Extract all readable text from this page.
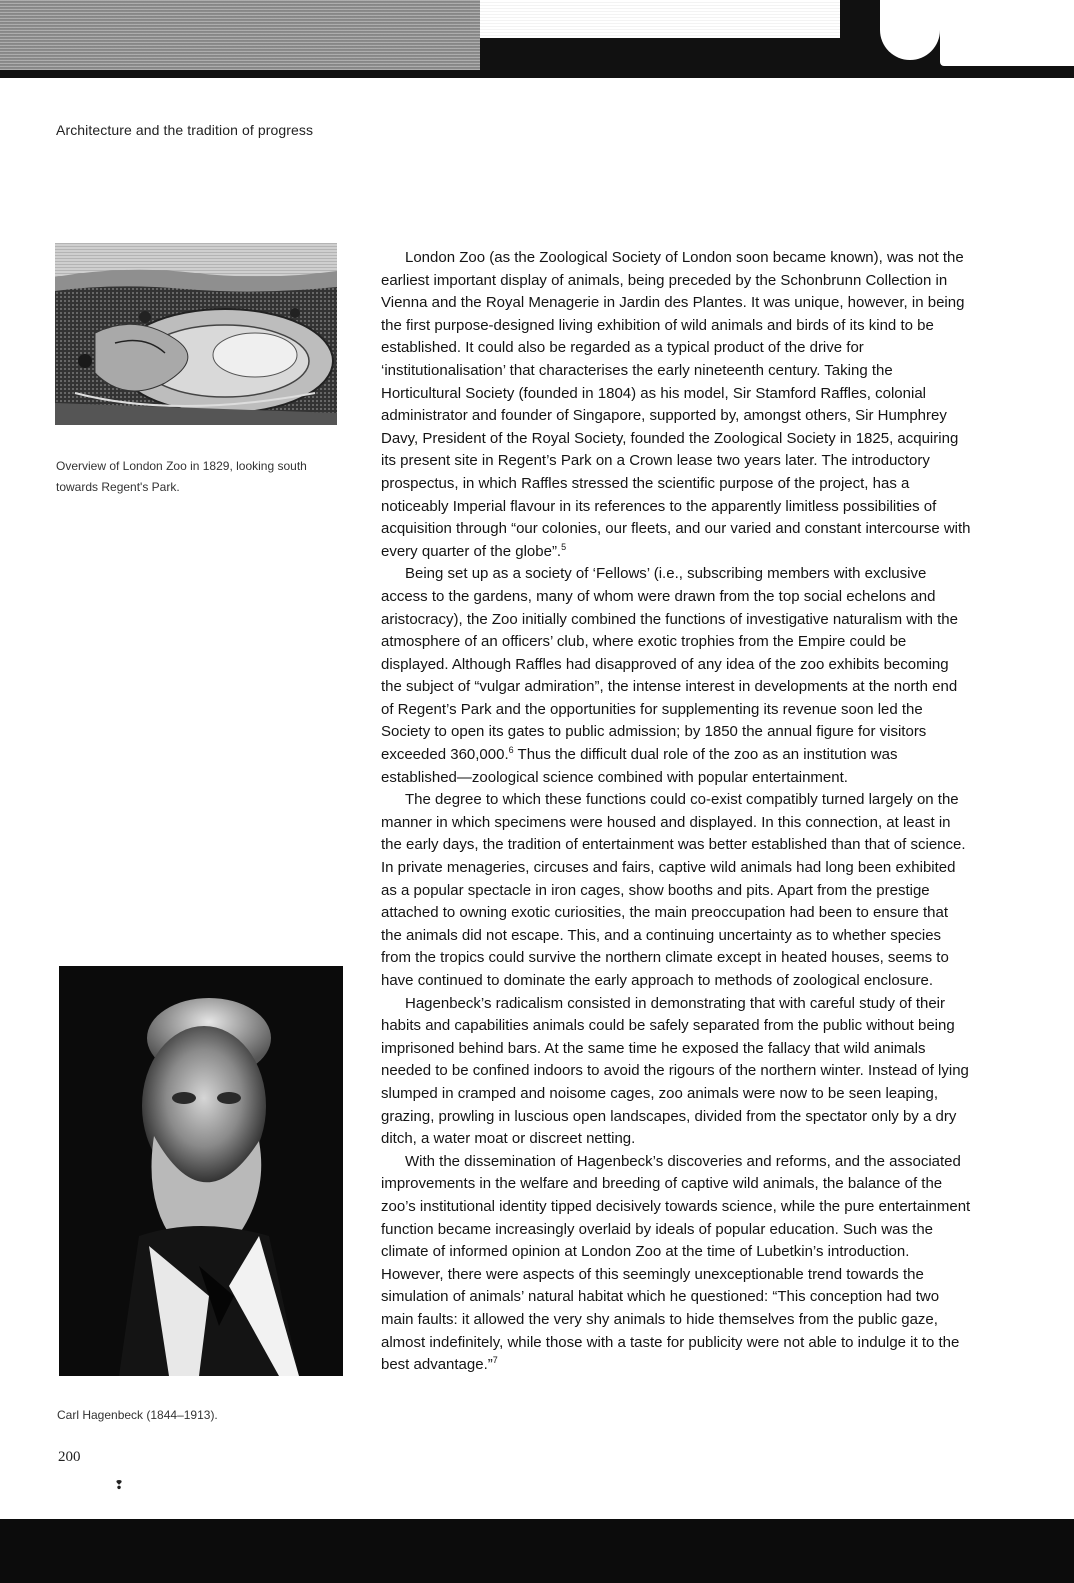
Architecture and the tradition of progress
Overview of London Zoo in 1829, looking south towards Regent's Park.
Carl Hagenbeck (1844–1913).

London Zoo (as the Zoological Society of London soon became known), was not the earliest important display of animals, being preceded by the Schonbrunn Collection in Vienna and the Royal Menagerie in Jardin des Plantes. It was unique, however, in being the first purpose-designed living exhibition of wild animals and birds of its kind to be established. It could also be regarded as a typical product of the drive for ‘institutionalisation’ that characterises the early nineteenth century. Taking the Horticultural Society (founded in 1804) as his model, Sir Stamford Raffles, colonial administrator and founder of Singapore, supported by, amongst others, Sir Humphrey Davy, President of the Royal Society, founded the Zoological Society in 1825, acquiring its present site in Regent’s Park on a Crown lease two years later. The introductory prospectus, in which Raffles stressed the scientific purpose of the project, has a noticeably Imperial flavour in its references to the apparently limitless possibilities of acquisition through “our colonies, our fleets, and our varied and constant intercourse with every quarter of the globe”.$^5$

Being set up as a society of ‘Fellows’ (i.e., subscribing members with exclusive access to the gardens, many of whom were drawn from the top social echelons and aristocracy), the Zoo initially combined the functions of investigative naturalism with the atmosphere of an officers’ club, where exotic trophies from the Empire could be displayed. Although Raffles had disapproved of any idea of the zoo exhibits becoming the subject of “vulgar admiration”, the intense interest in developments at the north end of Regent’s Park and the opportunities for supplementing its revenue soon led the Society to open its gates to public admission; by 1850 the annual figure for visitors exceeded 360,000.$^6$ Thus the difficult dual role of the zoo as an institution was established—zoological science combined with popular entertainment.

The degree to which these functions could co-exist compatibly turned largely on the manner in which specimens were housed and displayed. In this connection, at least in the early days, the tradition of entertainment was better established than that of science. In private menageries, circuses and fairs, captive wild animals had long been exhibited as a popular spectacle in iron cages, show booths and pits. Apart from the prestige attached to owning exotic curiosities, the main preoccupation had been to ensure that the animals did not escape. This, and a continuing uncertainty as to whether species from the tropics could survive the northern climate except in heated houses, seems to have continued to dominate the early approach to methods of zoological enclosure.

Hagenbeck’s radicalism consisted in demonstrating that with careful study of their habits and capabilities animals could be safely separated from the public without being imprisoned behind bars. At the same time he exposed the fallacy that wild animals needed to be confined indoors to avoid the rigours of the northern winter. Instead of lying slumped in cramped and noisome cages, zoo animals were now to be seen leaping, grazing, prowling in luscious open landscapes, divided from the spectator only by a dry ditch, a water moat or discreet netting.

With the dissemination of Hagenbeck’s discoveries and reforms, and the associated improvements in the welfare and breeding of captive wild animals, the balance of the zoo’s institutional identity tipped decisively towards science, while the pure entertainment function became increasingly overlaid by ideals of popular education. Such was the climate of informed opinion at London Zoo at the time of Lubetkin’s introduction. However, there were aspects of this seemingly unexceptionable trend towards the simulation of animals’ natural habitat which he questioned: “This conception had two main faults: it allowed the very shy animals to hide themselves from the public gaze, almost indefinitely, while those with a taste for publicity were not able to indulge it to the best advantage.”$^7$

200
❢
